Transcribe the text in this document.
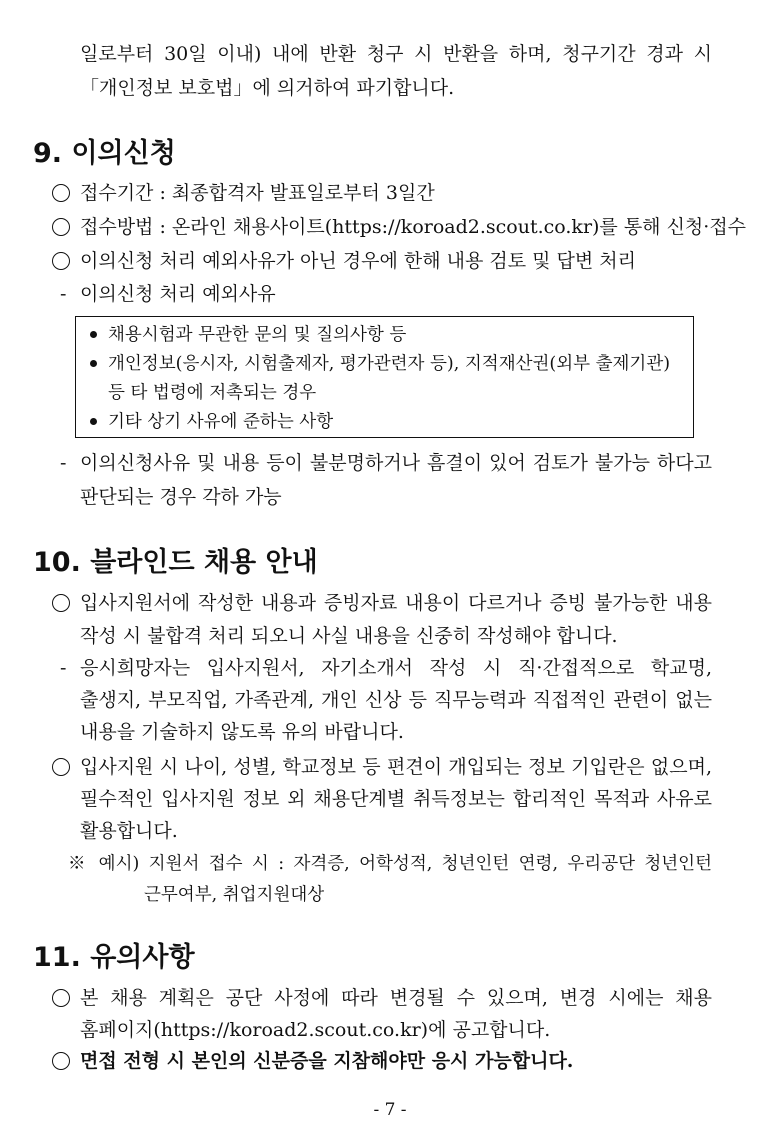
일로부터 30일 이내) 내에 반환 청구 시 반환을 하며, 청구기간 경과 시
「개인정보 보호법」에 의거하여 파기합니다.
9. 이의신청
접수기간 : 최종합격자 발표일로부터 3일간
접수방법 : 온라인 채용사이트(https://koroad2.scout.co.kr)를 통해 신청·접수
이의신청 처리 예외사유가 아닌 경우에 한해 내용 검토 및 답변 처리
- 이의신청 처리 예외사유
채용시험과 무관한 문의 및 질의사항 등
개인정보(응시자, 시험출제자, 평가관련자 등), 지적재산권(외부 출제기관)
등 타 법령에 저촉되는 경우
기타 상기 사유에 준하는 사항
- 이의신청사유 및 내용 등이 불분명하거나 흠결이 있어 검토가 불가능 하다고
판단되는 경우 각하 가능
10. 블라인드 채용 안내
입사지원서에 작성한 내용과 증빙자료 내용이 다르거나 증빙 불가능한 내용
작성 시 불합격 처리 되오니 사실 내용을 신중히 작성해야 합니다.
- 응시희망자는 입사지원서, 자기소개서 작성 시 직·간접적으로 학교명,
출생지, 부모직업, 가족관계, 개인 신상 등 직무능력과 직접적인 관련이 없는
내용을 기술하지 않도록 유의 바랍니다.
입사지원 시 나이, 성별, 학교정보 등 편견이 개입되는 정보 기입란은 없으며,
필수적인 입사지원 정보 외 채용단계별 취득정보는 합리적인 목적과 사유로
활용합니다.
※ 예시) 지원서 접수 시 : 자격증, 어학성적, 청년인턴 연령, 우리공단 청년인턴
근무여부, 취업지원대상
11. 유의사항
본 채용 계획은 공단 사정에 따라 변경될 수 있으며, 변경 시에는 채용
홈페이지(https://koroad2.scout.co.kr)에 공고합니다.
면접 전형 시 본인의 신분증을 지참해야만 응시 가능합니다.
- 7 -
